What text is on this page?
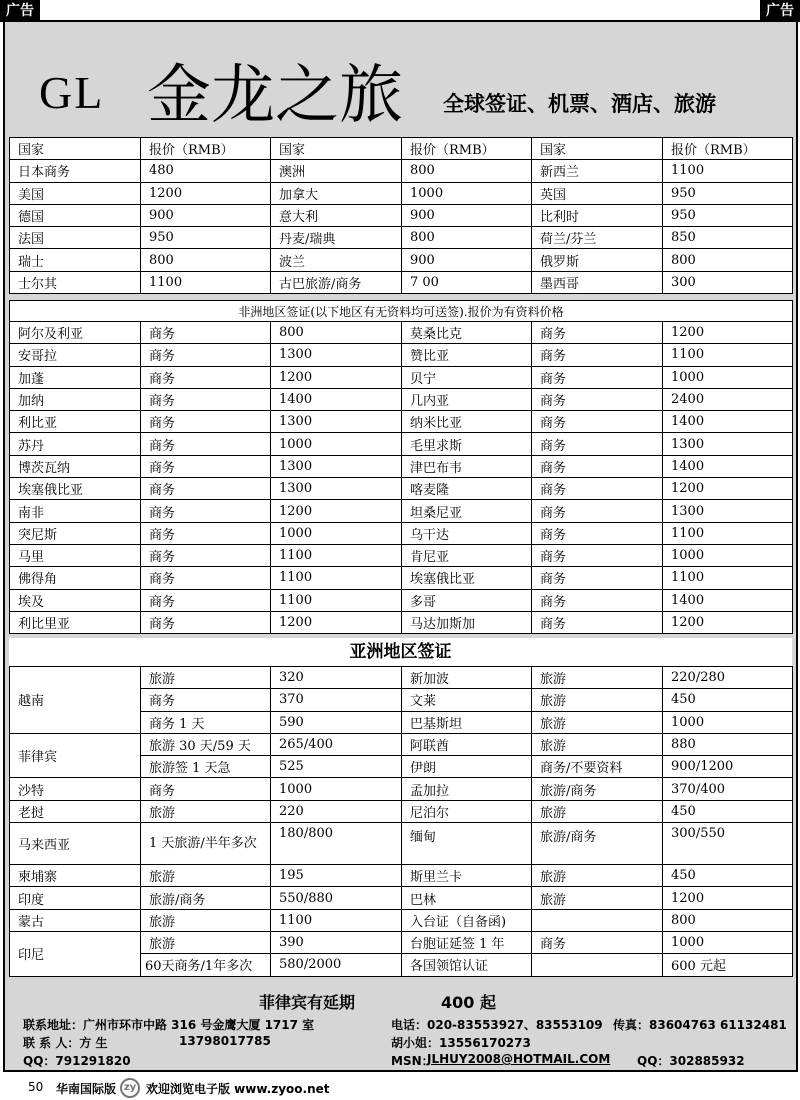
广告	广告
GL 金龙之旅 全球签证、机票、酒店、旅游
国家	报价（RMB）	国家	报价（RMB）	国家	报价（RMB）
日本商务	480	澳洲	800	新西兰	1100
美国	1200	加拿大	1000	英国	950
德国	900	意大利	900	比利时	950
法国	950	丹麦/瑞典	800	荷兰/芬兰	850
瑞士	800	波兰	900	俄罗斯	800
士尔其	1100	古巴旅游/商务	7 00	墨西哥	300
非洲地区签证(以下地区有无资料均可送签).报价为有资料价格					
阿尔及利亚	商务	800	莫桑比克	商务	1200
安哥拉	商务	1300	赞比亚	商务	1100
加蓬	商务	1200	贝宁	商务	1000
加纳	商务	1400	几内亚	商务	2400
利比亚	商务	1300	纳米比亚	商务	1400
苏丹	商务	1000	毛里求斯	商务	1300
博茨瓦纳	商务	1300	津巴布韦	商务	1400
埃塞俄比亚	商务	1300	喀麦隆	商务	1200
南非	商务	1200	坦桑尼亚	商务	1300
突尼斯	商务	1000	乌干达	商务	1100
马里	商务	1100	肯尼亚	商务	1000
佛得角	商务	1100	埃塞俄比亚	商务	1100
埃及	商务	1100	多哥	商务	1400
利比里亚	商务	1200	马达加斯加	商务	1200
亚洲地区签证
越南	旅游	320	新加波	旅游	220/280
	商务	370	文莱	旅游	450
	商务 1 天	590	巴基斯坦	旅游	1000
菲律宾	旅游 30 天/59 天	265/400	阿联酋	旅游	880
	旅游签 1 天急	525	伊朗	商务/不要资料	900/1200
沙特	商务	1000	孟加拉	旅游/商务	370/400
老挝	旅游	220	尼泊尔	旅游	450
马来西亚	1 天旅游/半年多次	180/800	缅甸	旅游/商务	300/550
柬埔寨	旅游	195	斯里兰卡	旅游	450
印度	旅游/商务	550/880	巴林	旅游	1200
蒙古	旅游	1100	入台证（自备函)		800
印尼	旅游	390	台胞证延签 1 年	商务	1000
	60天商务/1年多次	580/2000	各国领馆认证		600 元起
菲律宾有延期	400 起
联系地址：广州市环市中路 316 号金鹰大厦 1717 室	电话：020-83553927、83553109 传真：83604763 61132481
联 系 人：方 生	13798017785	胡小姐：13556170273
QQ：791291820	MSN：
JLHUY2008@HOTMAIL.COM QQ：302885932
50 华南国际版 zy 欢迎浏览电子版 www.zyoo.net
